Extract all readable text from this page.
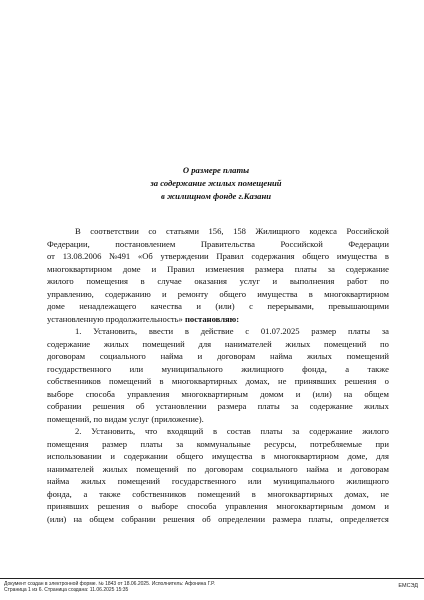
О размере платы
за содержание жилых помещений
в жилищном фонде г.Казани
В соответствии со статьями 156, 158 Жилищного кодекса Российской
Федерации,	постановлением	Правительства	Российской	Федерации
от 13.08.2006 №491 «Об утверждении Правил содержания общего имущества в
многоквартирном доме и Правил изменения размера платы за содержание
жилого помещения в случае оказания услуг и выполнения работ по
управлению, содержанию и ремонту общего имущества в многоквартирном
доме ненадлежащего качества и (или) с перерывами, превышающими
установленную продолжительность» постановляю:
1. Установить, ввести в действие с 01.07.2025 размер платы за
содержание жилых помещений для нанимателей жилых помещений по
договорам социального найма и договорам найма жилых помещений
государственного или муниципального жилищного фонда, а также
собственников помещений в многоквартирных домах, не принявших решения о
выборе способа управления многоквартирным домом и (или) на общем
собрании решения об установлении размера платы за содержание жилых
помещений, по видам услуг (приложение).
2. Установить, что входящий в состав платы за содержание жилого
помещения размер платы за коммунальные ресурсы, потребляемые при
использовании и содержании общего имущества в многоквартирном доме, для
нанимателей жилых помещений по договорам социального найма и договорам
найма жилых помещений государственного или муниципального жилищного
фонда, а также собственников помещений в многоквартирных домах, не
принявших решения о выборе способа управления многоквартирным домом и
(или) на общем собрании решения об определении размера платы, определяется
Документ создан в электронной форме. № 1843 от 18.06.2025. Исполнитель: Афонина Г.Р.
Страница 1 из 6. Страница создана: 11.06.2025 15:35
ЕМСЭД
